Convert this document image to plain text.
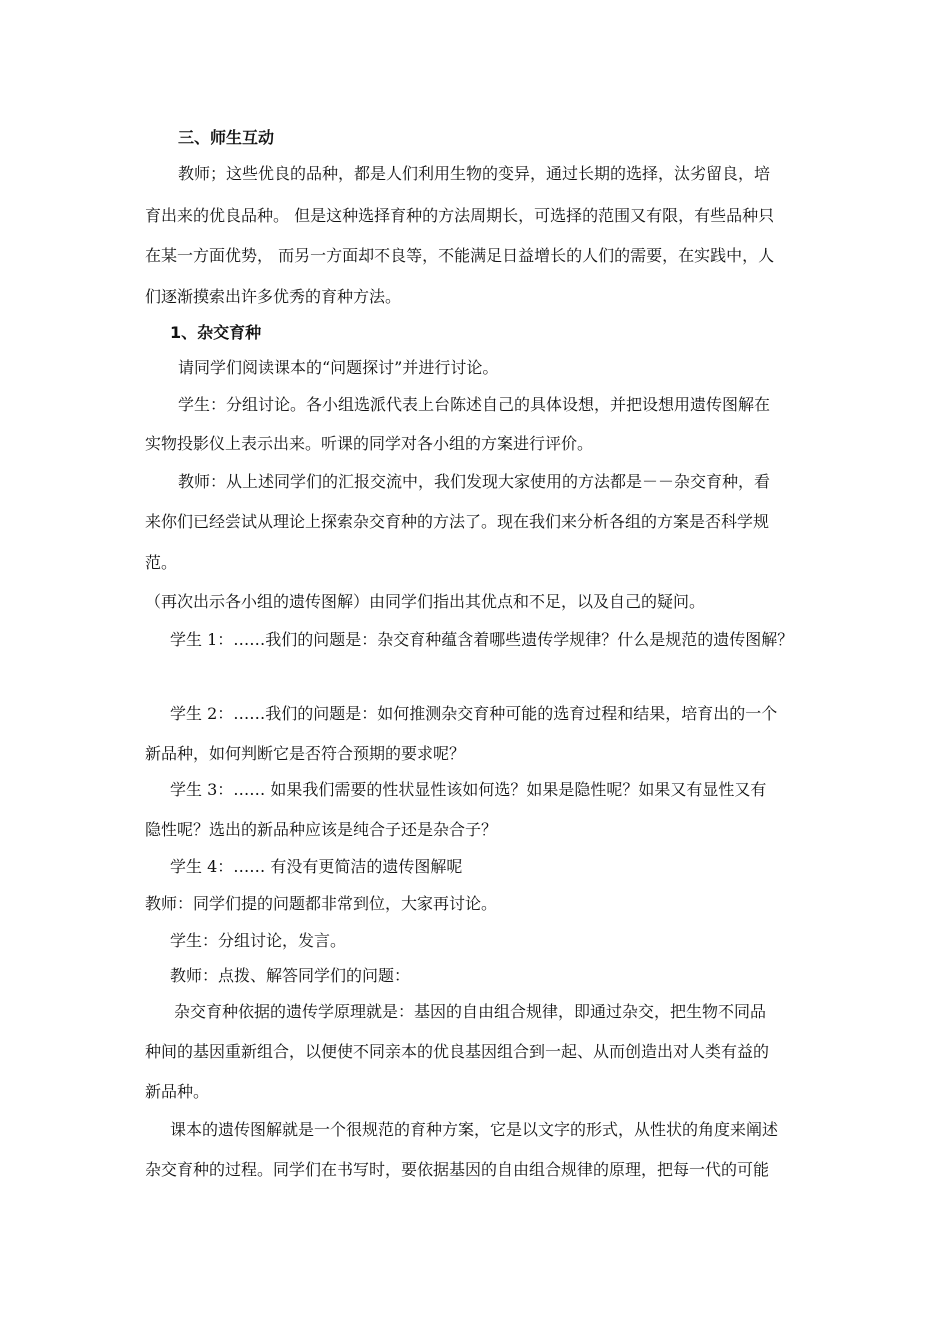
三、师生互动
教师；这些优良的品种，都是人们利用生物的变异，通过长期的选择，汰劣留良，培
育出来的优良品种。 但是这种选择育种的方法周期长，可选择的范围又有限，有些品种只
在某一方面优势， 而另一方面却不良等，不能满足日益增长的人们的需要，在实践中，人
们逐渐摸索出许多优秀的育种方法。
1、杂交育种
请同学们阅读课本的“问题探讨”并进行讨论。
学生：分组讨论。各小组选派代表上台陈述自己的具体设想，并把设想用遗传图解在
实物投影仪上表示出来。听课的同学对各小组的方案进行评价。
教师：从上述同学们的汇报交流中，我们发现大家使用的方法都是－－杂交育种，看
来你们已经尝试从理论上探索杂交育种的方法了。现在我们来分析各组的方案是否科学规
范。
（再次出示各小组的遗传图解）由同学们指出其优点和不足，以及自己的疑问。
学生 1：……我们的问题是：杂交育种蕴含着哪些遗传学规律？什么是规范的遗传图解？
学生 2：……我们的问题是：如何推测杂交育种可能的选育过程和结果，培育出的一个
新品种，如何判断它是否符合预期的要求呢？
学生 3：…… 如果我们需要的性状显性该如何选？如果是隐性呢？如果又有显性又有
隐性呢？选出的新品种应该是纯合子还是杂合子？
学生 4：…… 有没有更简洁的遗传图解呢
教师：同学们提的问题都非常到位，大家再讨论。
学生：分组讨论，发言。
教师：点拨、解答同学们的问题：
杂交育种依据的遗传学原理就是：基因的自由组合规律，即通过杂交，把生物不同品
种间的基因重新组合，以便使不同亲本的优良基因组合到一起、从而创造出对人类有益的
新品种。
课本的遗传图解就是一个很规范的育种方案，它是以文字的形式，从性状的角度来阐述
杂交育种的过程。同学们在书写时，要依据基因的自由组合规律的原理，把每一代的可能
